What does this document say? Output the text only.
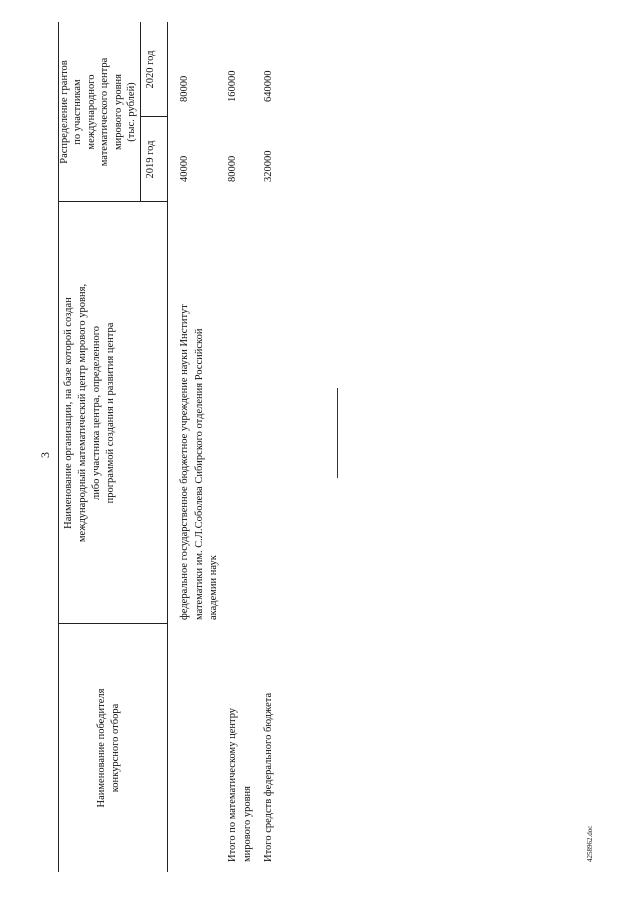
3
Наименование победителя
конкурсного отбора
Наименование организации, на базе которой создан
международный математический центр мирового уровня,
либо участника центра, определенного
программой создания и развития центра
Распределение грантов
по участникам
международного
математического центра
мирового уровня
(тыс. рублей)
2019 год
2020 год
федеральное государственное бюджетное учреждение науки Институт
математики им. С.Л.Соболева Сибирского отделения Российской
академии наук
40000
80000
Итого по математическому центру
мирового уровня
80000
160000
Итого средств федерального бюджета
320000
640000
4258962.doc
